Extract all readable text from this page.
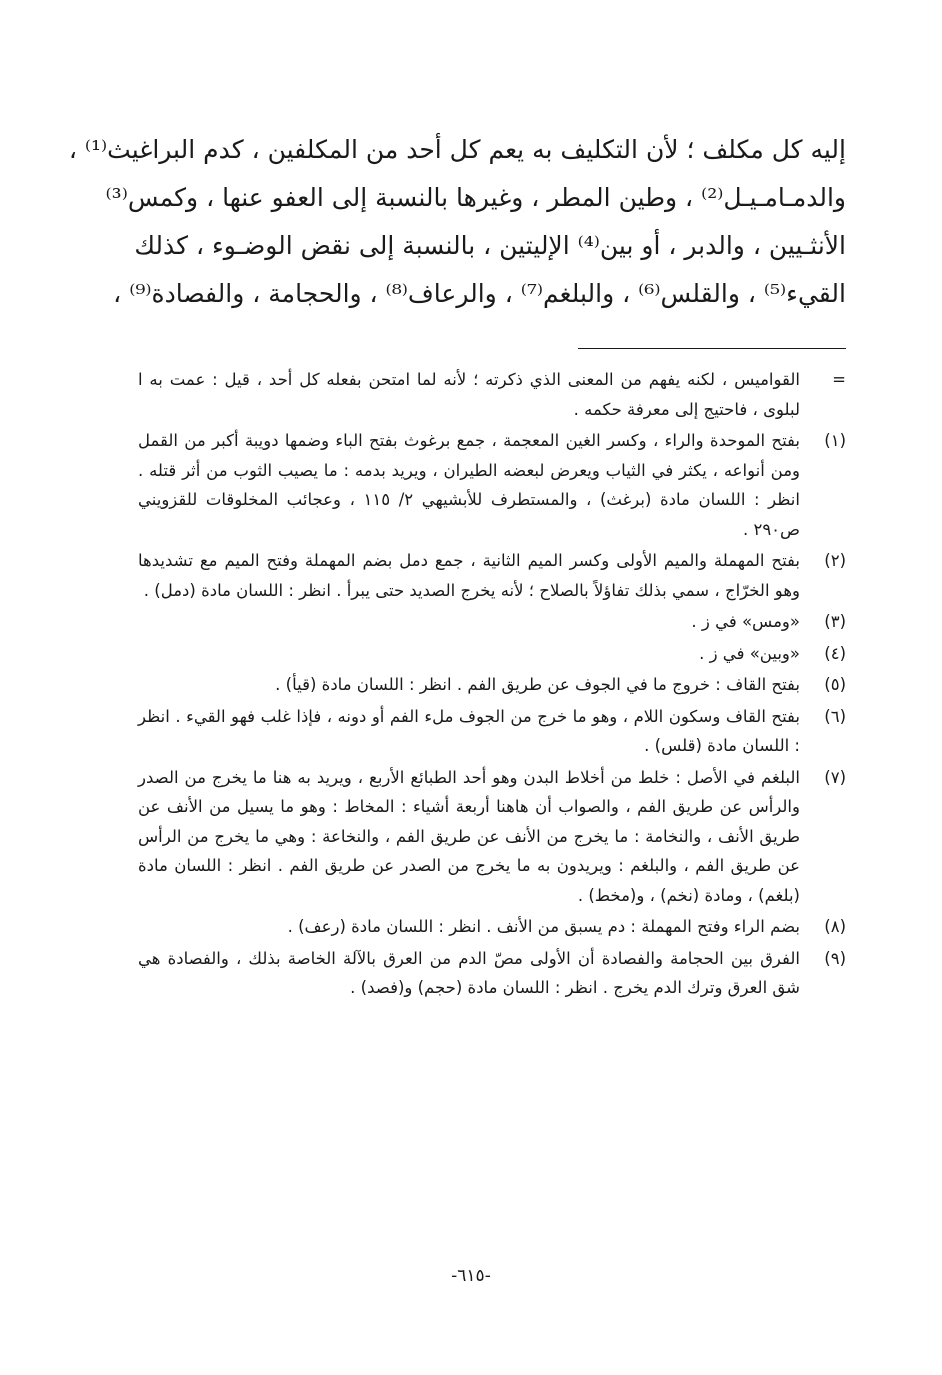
إليه كل مكلف ؛ لأن التكليف به يعم كل أحد من المكلفين ، كدم البراغيث⁽¹⁾ ،
والدمـامـيـل⁽²⁾ ، وطين المطر ، وغيرها بالنسبة إلى العفو عنها ، وكمس⁽³⁾
الأنثـيين ، والدبر ، أو بين⁽⁴⁾ الإليتين ، بالنسبة إلى نقض الوضـوء ، كذلك
القيء⁽⁵⁾ ، والقلس⁽⁶⁾ ، والبلغم⁽⁷⁾ ، والرعاف⁽⁸⁾ ، والحجامة ، والفصادة⁽⁹⁾ ،
=
القواميس ، لكنه يفهم من المعنى الذي ذكرته ؛ لأنه لما امتحن بفعله كل أحد ، قيل : عمت به ا لبلوى ، فاحتيج إلى معرفة حكمه .
(١)
بفتح الموحدة والراء ، وكسر الغين المعجمة ، جمع برغوث بفتح الباء وضمها دويبة أكبر من القمل ومن أنواعه ، يكثر في الثياب ويعرض لبعضه الطيران ، ويريد بدمه : ما يصيب الثوب من أثر قتله . انظر : اللسان مادة (برغث) ، والمستطرف للأبشيهي ٢/ ١١٥ ، وعجائب المخلوقات للقزويني ص٢٩٠ .
(٢)
بفتح المهملة والميم الأولى وكسر الميم الثانية ، جمع دمل بضم المهملة وفتح الميم مع تشديدها وهو الخرّاج ، سمي بذلك تفاؤلاً بالصلاح ؛ لأنه يخرج الصديد حتى يبرأ . انظر : اللسان مادة (دمل) .
(٣)
«ومس» في ز .
(٤)
«وبين» في ز .
(٥)
بفتح القاف : خروج ما في الجوف عن طريق الفم . انظر : اللسان مادة (قيأ) .
(٦)
بفتح القاف وسكون اللام ، وهو ما خرج من الجوف ملء الفم أو دونه ، فإذا غلب فهو القيء . انظر : اللسان مادة (قلس) .
(٧)
البلغم في الأصل : خلط من أخلاط البدن وهو أحد الطبائع الأربع ، ويريد به هنا ما يخرج من الصدر والرأس عن طريق الفم ، والصواب أن هاهنا أربعة أشياء : المخاط : وهو ما يسيل من الأنف عن طريق الأنف ، والنخامة : ما يخرج من الأنف عن طريق الفم ، والنخاعة : وهي ما يخرج من الرأس عن طريق الفم ، والبلغم : ويريدون به ما يخرج من الصدر عن طريق الفم . انظر : اللسان مادة (بلغم) ، ومادة (نخم) ، و(مخط) .
(٨)
بضم الراء وفتح المهملة : دم يسبق من الأنف . انظر : اللسان مادة (رعف) .
(٩)
الفرق بين الحجامة والفصادة أن الأولى مصّ الدم من العرق بالآلة الخاصة بذلك ، والفصادة هي شق العرق وترك الدم يخرج . انظر : اللسان مادة (حجم) و(فصد) .
-٦١٥-
